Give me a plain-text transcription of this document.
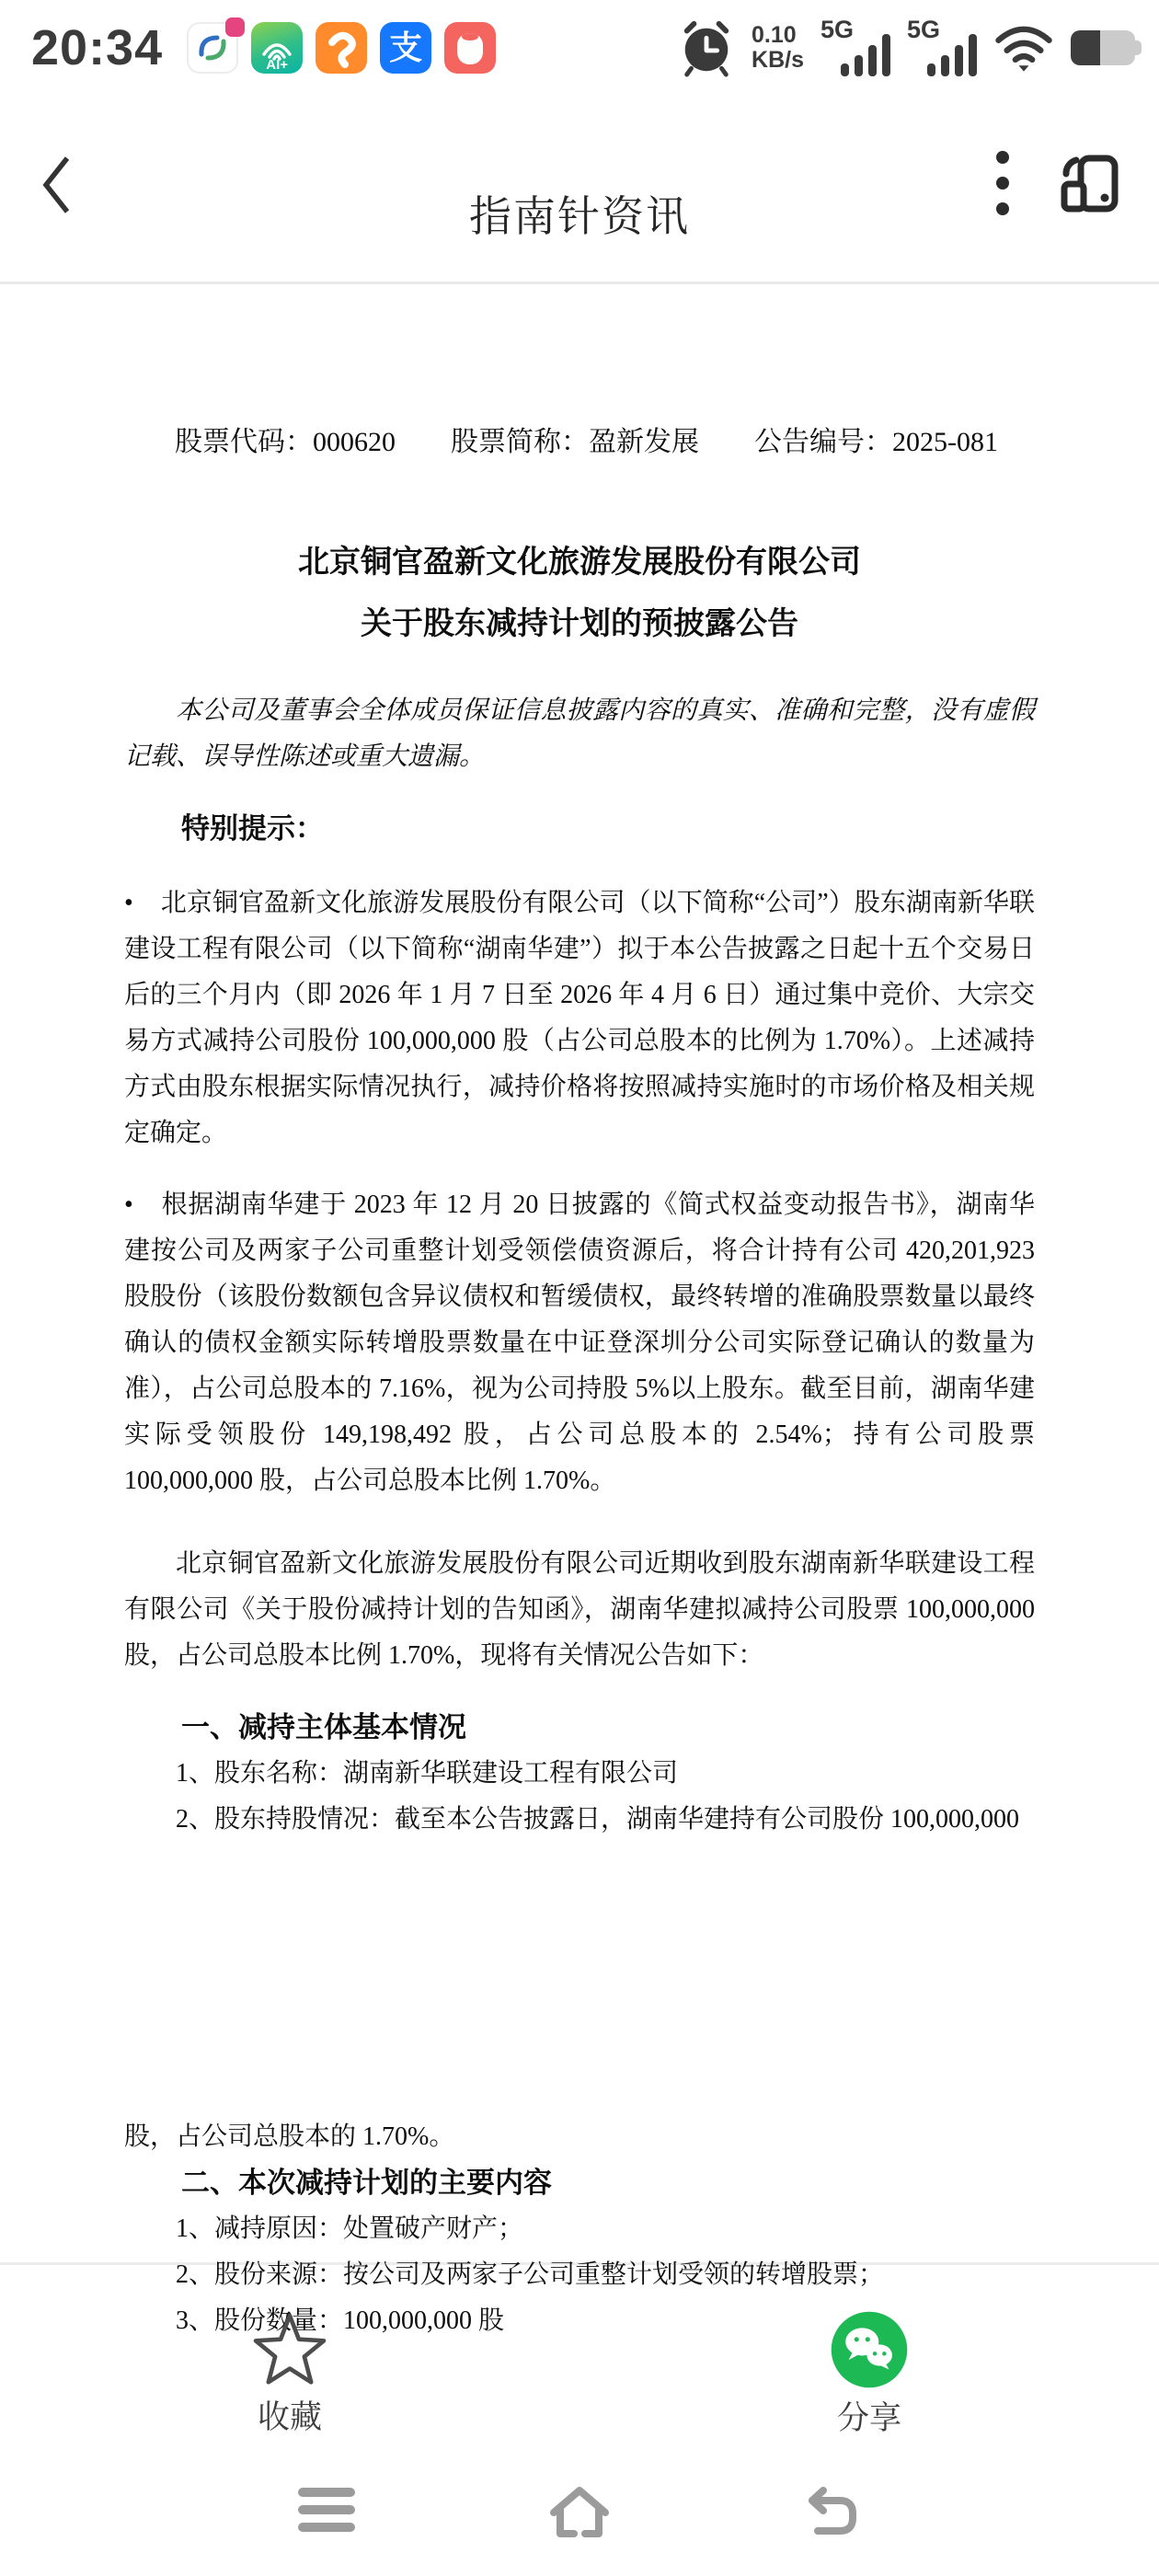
20:34	AI+	支	0.10
KB/s
5G 5G
指南针资讯
股票代码：000620 股票简称：盈新发展 公告编号：2025-081
北京铜官盈新文化旅游发展股份有限公司
关于股东减持计划的预披露公告

本公司及董事会全体成员保证信息披露内容的真实、准确和完整，没有虚假记载、误导性陈述或重大遗漏。

特别提示：

• 北京铜官盈新文化旅游发展股份有限公司（以下简称“公司”）股东湖南新华联建设工程有限公司（以下简称“湖南华建”）拟于本公告披露之日起十五个交易日后的三个月内（即 2026 年 1 月 7 日至 2026 年 4 月 6 日）通过集中竞价、大宗交易方式减持公司股份 100,000,000 股（占公司总股本的比例为 1.70%）。上述减持方式由股东根据实际情况执行，减持价格将按照减持实施时的市场价格及相关规定确定。

• 根据湖南华建于 2023 年 12 月 20 日披露的《简式权益变动报告书》，湖南华建按公司及两家子公司重整计划受领偿债资源后，将合计持有公司 420,201,923 股股份（该股份数额包含异议债权和暂缓债权，最终转增的准确股票数量以最终确认的债权金额实际转增股票数量在中证登深圳分公司实际登记确认的数量为准），占公司总股本的 7.16%，视为公司持股 5%以上股东。截至目前，湖南华建实际受领股份 149,198,492 股，占公司总股本的 2.54%；持有公司股票 100,000,000 股，占公司总股本比例 1.70%。

北京铜官盈新文化旅游发展股份有限公司近期收到股东湖南新华联建设工程有限公司《关于股份减持计划的告知函》，湖南华建拟减持公司股票 100,000,000 股，占公司总股本比例 1.70%，现将有关情况公告如下：

一、减持主体基本情况
1、股东名称：湖南新华联建设工程有限公司
2、股东持股情况：截至本公告披露日，湖南华建持有公司股份 100,000,000
股，占公司总股本的 1.70%。
二、本次减持计划的主要内容
1、减持原因：处置破产财产；
2、股份来源：按公司及两家子公司重整计划受领的转增股票；
3、股份数量：100,000,000 股
收藏	分享
